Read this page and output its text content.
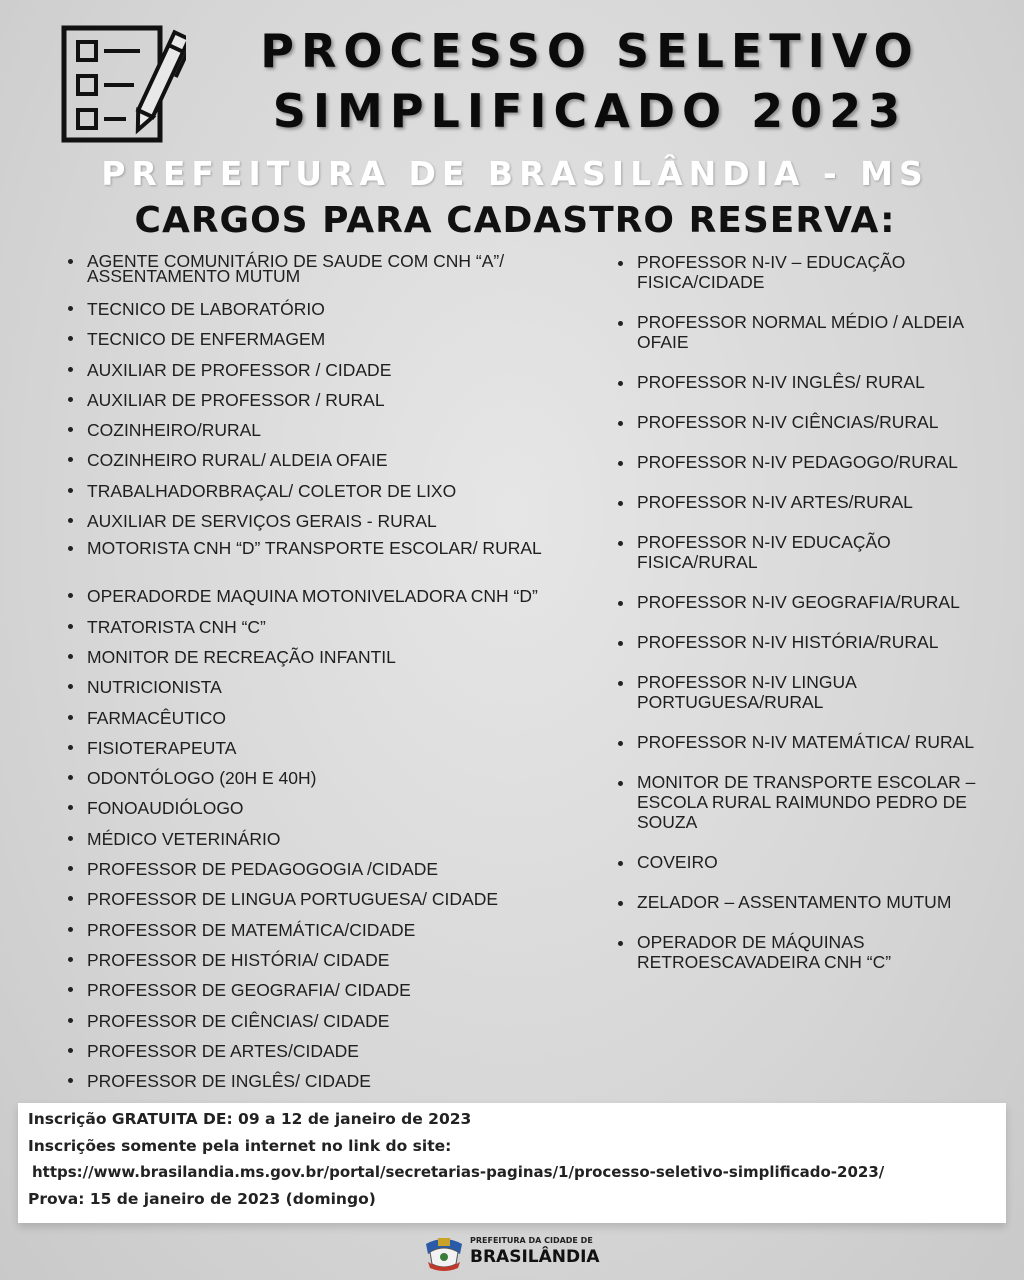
PROCESSO SELETIVO
SIMPLIFICADO 2023
PREFEITURA DE BRASILÂNDIA - MS
CARGOS PARA CADASTRO RESERVA:
AGENTE COMUNITÁRIO DE SAUDE COM CNH “A”/ ASSENTAMENTO MUTUM
TECNICO DE LABORATÓRIO
TECNICO DE ENFERMAGEM
AUXILIAR DE PROFESSOR / CIDADE
AUXILIAR DE PROFESSOR / RURAL
COZINHEIRO/RURAL
COZINHEIRO RURAL/ ALDEIA OFAIE
TRABALHADORBRAÇAL/ COLETOR DE LIXO
AUXILIAR DE SERVIÇOS GERAIS - RURAL
MOTORISTA CNH “D” TRANSPORTE ESCOLAR/ RURAL
OPERADORDE MAQUINA MOTONIVELADORA CNH “D”
TRATORISTA CNH “C”
MONITOR DE RECREAÇÃO INFANTIL
NUTRICIONISTA
FARMACÊUTICO
FISIOTERAPEUTA
ODONTÓLOGO (20H E 40H)
FONOAUDIÓLOGO
MÉDICO VETERINÁRIO
PROFESSOR DE PEDAGOGOGIA /CIDADE
PROFESSOR DE LINGUA PORTUGUESA/ CIDADE
PROFESSOR DE MATEMÁTICA/CIDADE
PROFESSOR DE HISTÓRIA/ CIDADE
PROFESSOR DE GEOGRAFIA/ CIDADE
PROFESSOR DE CIÊNCIAS/ CIDADE
PROFESSOR DE ARTES/CIDADE
PROFESSOR DE INGLÊS/ CIDADE
PROFESSOR N-IV – EDUCAÇÃO FISICA/CIDADE
PROFESSOR NORMAL MÉDIO / ALDEIA OFAIE
PROFESSOR N-IV INGLÊS/ RURAL
PROFESSOR N-IV CIÊNCIAS/RURAL
PROFESSOR N-IV PEDAGOGO/RURAL
PROFESSOR N-IV ARTES/RURAL
PROFESSOR N-IV EDUCAÇÃO FISICA/RURAL
PROFESSOR N-IV GEOGRAFIA/RURAL
PROFESSOR N-IV HISTÓRIA/RURAL
PROFESSOR N-IV LINGUA PORTUGUESA/RURAL
PROFESSOR N-IV MATEMÁTICA/ RURAL
MONITOR DE TRANSPORTE ESCOLAR – ESCOLA RURAL RAIMUNDO PEDRO DE SOUZA
COVEIRO
ZELADOR – ASSENTAMENTO MUTUM
OPERADOR DE MÁQUINAS RETROESCAVADEIRA CNH “C”

Inscrição GRATUITA DE: 09 a 12 de janeiro de 2023

Inscrições somente pela internet no link do site:

https://www.brasilandia.ms.gov.br/portal/secretarias-paginas/1/processo-seletivo-simplificado-2023/

Prova: 15 de janeiro de 2023 (domingo)

PREFEITURA DA CIDADE DE
BRASILÂNDIA
